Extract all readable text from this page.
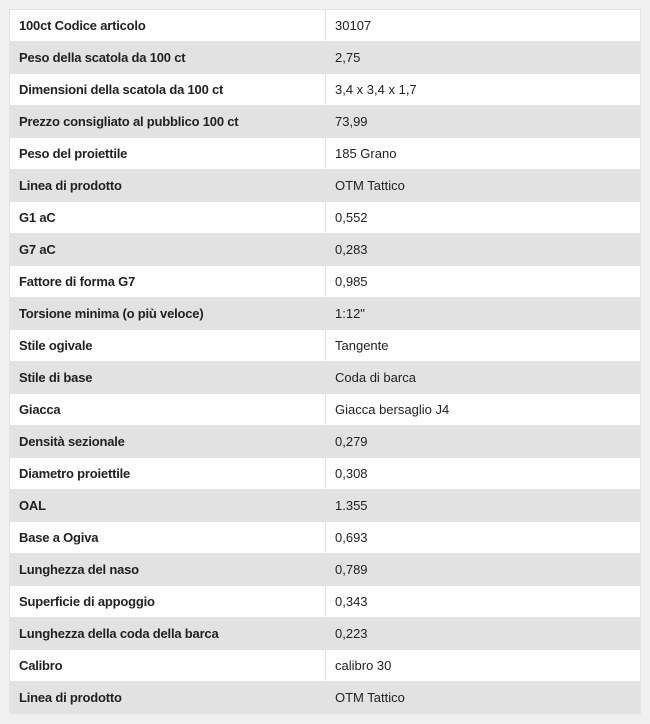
100ct Codice articolo	30107
Peso della scatola da 100 ct	2,75
Dimensioni della scatola da 100 ct	3,4 x 3,4 x 1,7
Prezzo consigliato al pubblico 100 ct	73,99
Peso del proiettile	185 Grano
Linea di prodotto	OTM Tattico
G1 aC	0,552
G7 aC	0,283
Fattore di forma G7	0,985
Torsione minima (o più veloce)	1:12"
Stile ogivale	Tangente
Stile di base	Coda di barca
Giacca	Giacca bersaglio J4
Densità sezionale	0,279
Diametro proiettile	0,308
OAL	1.355
Base a Ogiva	0,693
Lunghezza del naso	0,789
Superficie di appoggio	0,343
Lunghezza della coda della barca	0,223
Calibro	calibro 30
Linea di prodotto	OTM Tattico
